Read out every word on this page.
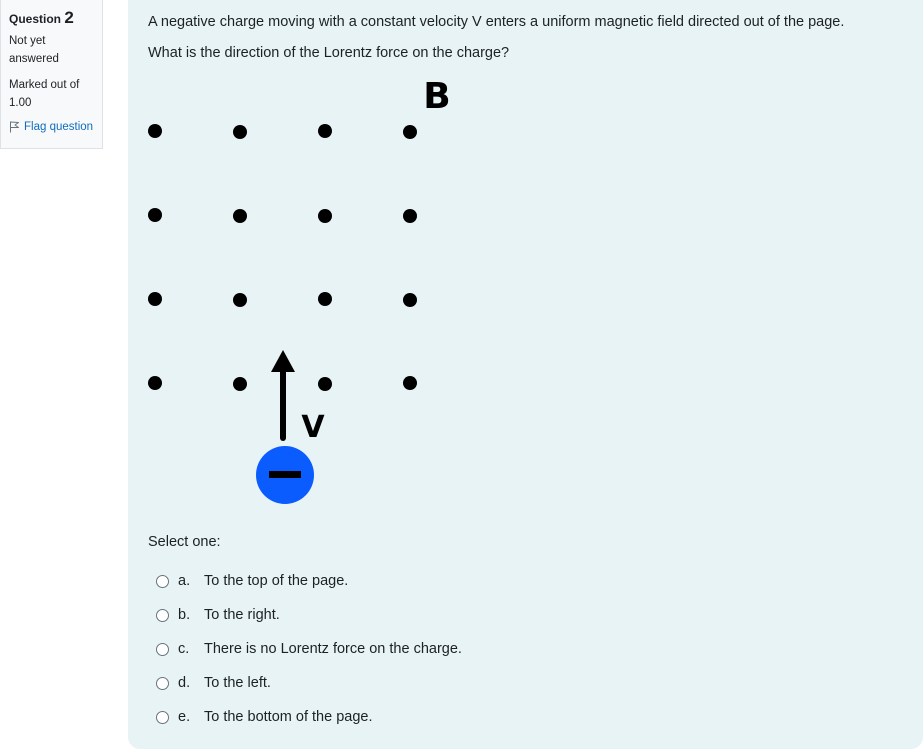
Question 2
Not yet answered
Marked out of 1.00
Flag question
A negative charge moving with a constant velocity V enters a uniform magnetic field directed out of the page.
What is the direction of the Lorentz force on the charge?
B
V
Select one:
a. To the top of the page.
b. To the right.
c.	There is no Lorentz force on the charge.
d. To the left.
e. To the bottom of the page.
